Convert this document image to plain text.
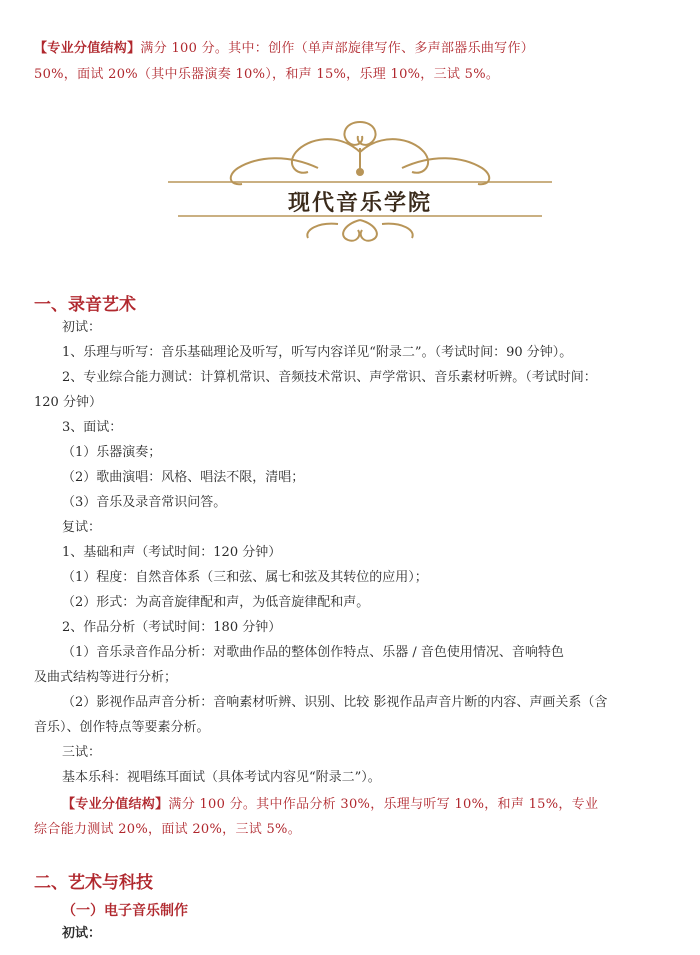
【专业分值结构】满分 100 分。其中：创作（单声部旋律写作、多声部器乐曲写作）
50%，面试 20%（其中乐器演奏 10%），和声 15%，乐理 10%，三试 5%。
现代音乐学院
一、录音艺术
初试：
1、乐理与听写：音乐基础理论及听写，听写内容详见“附录二”。（考试时间：90 分钟）。
2、专业综合能力测试：计算机常识、音频技术常识、声学常识、音乐素材听辨。（考试时间：
120 分钟）
3、面试：
（1）乐器演奏；
（2）歌曲演唱：风格、唱法不限，清唱；
（3）音乐及录音常识问答。
复试：
1、基础和声（考试时间：120 分钟）
（1）程度：自然音体系（三和弦、属七和弦及其转位的应用）；
（2）形式：为高音旋律配和声，为低音旋律配和声。
2、作品分析（考试时间：180 分钟）
（1）音乐录音作品分析：对歌曲作品的整体创作特点、乐器 / 音色使用情况、音响特色
及曲式结构等进行分析；
（2）影视作品声音分析：音响素材听辨、识别、比较 影视作品声音片断的内容、声画关系（含
音乐）、创作特点等要素分析。
三试：
基本乐科：视唱练耳面试（具体考试内容见“附录二”）。
【专业分值结构】满分 100 分。其中作品分析 30%，乐理与听写 10%，和声 15%，专业
综合能力测试 20%，面试 20%，三试 5%。
二、艺术与科技
（一）电子音乐制作
初试：
